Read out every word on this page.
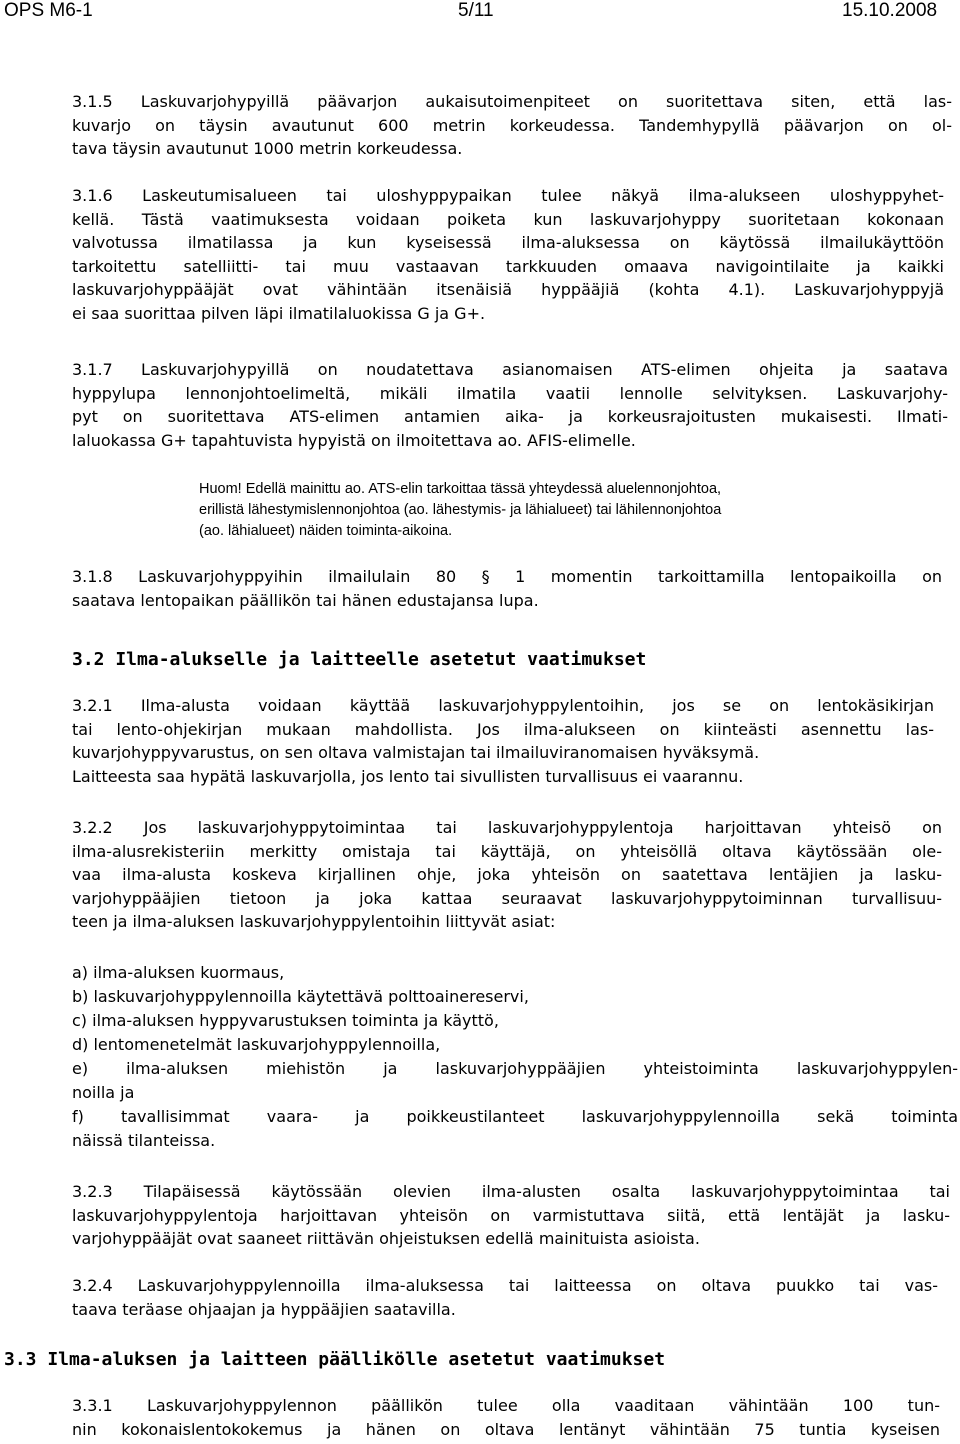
OPS M6-1	5/11	15.10.2008
3.1.5 Laskuvarjohypyillä päävarjon aukaisutoimenpiteet on suoritettava siten, että las-
kuvarjo on täysin avautunut 600 metrin korkeudessa. Tandemhypyllä päävarjon on ol-
tava täysin avautunut 1000 metrin korkeudessa.
3.1.6 Laskeutumisalueen tai uloshyppypaikan tulee näkyä ilma-alukseen uloshyppyhet-
kellä. Tästä vaatimuksesta voidaan poiketa kun laskuvarjohyppy suoritetaan kokonaan
valvotussa ilmatilassa ja kun kyseisessä ilma-aluksessa on käytössä ilmailukäyttöön
tarkoitettu satelliitti- tai muu vastaavan tarkkuuden omaava navigointilaite ja kaikki
laskuvarjohyppääjät ovat vähintään itsenäisiä hyppääjiä (kohta 4.1). Laskuvarjohyppyjä
ei saa suorittaa pilven läpi ilmatilaluokissa G ja G+.
3.1.7 Laskuvarjohypyillä on noudatettava asianomaisen ATS-elimen ohjeita ja saatava
hyppylupa lennonjohtoelimeltä, mikäli ilmatila vaatii lennolle selvityksen. Laskuvarjohy-
pyt on suoritettava ATS-elimen antamien aika- ja korkeusrajoitusten mukaisesti. Ilmati-
laluokassa G+ tapahtuvista hypyistä on ilmoitettava ao. AFIS-elimelle.
Huom! Edellä mainittu ao. ATS-elin tarkoittaa tässä yhteydessä aluelennonjohtoa,
erillistä lähestymislennonjohtoa (ao. lähestymis- ja lähialueet) tai lähilennonjohtoa
(ao. lähialueet) näiden toiminta-aikoina.
3.1.8 Laskuvarjohyppyihin ilmailulain 80 § 1 momentin tarkoittamilla lentopaikoilla on
saatava lentopaikan päällikön tai hänen edustajansa lupa.
3.2 Ilma-alukselle ja laitteelle asetetut vaatimukset
3.2.1 Ilma-alusta voidaan käyttää laskuvarjohyppylentoihin, jos se on lentokäsikirjan
tai lento-ohjekirjan mukaan mahdollista. Jos ilma-alukseen on kiinteästi asennettu las-
kuvarjohyppyvarustus, on sen oltava valmistajan tai ilmailuviranomaisen hyväksymä.
Laitteesta saa hypätä laskuvarjolla, jos lento tai sivullisten turvallisuus ei vaarannu.
3.2.2 Jos laskuvarjohyppytoimintaa tai laskuvarjohyppylentoja harjoittavan yhteisö on
ilma-alusrekisteriin merkitty omistaja tai käyttäjä, on yhteisöllä oltava käytössään ole-
vaa ilma-alusta koskeva kirjallinen ohje, joka yhteisön on saatettava lentäjien ja lasku-
varjohyppääjien tietoon ja joka kattaa seuraavat laskuvarjohyppytoiminnan turvallisuu-
teen ja ilma-aluksen laskuvarjohyppylentoihin liittyvät asiat:
a) ilma-aluksen kuormaus,
b) laskuvarjohyppylennoilla käytettävä polttoainereservi,
c) ilma-aluksen hyppyvarustuksen toiminta ja käyttö,
d) lentomenetelmät laskuvarjohyppylennoilla,
e) ilma-aluksen miehistön ja laskuvarjohyppääjien yhteistoiminta laskuvarjohyppylen-
noilla ja
f) tavallisimmat vaara- ja poikkeustilanteet laskuvarjohyppylennoilla sekä toiminta
näissä tilanteissa.
3.2.3 Tilapäisessä käytössään olevien ilma-alusten osalta laskuvarjohyppytoimintaa tai
laskuvarjohyppylentoja harjoittavan yhteisön on varmistuttava siitä, että lentäjät ja lasku-
varjohyppääjät ovat saaneet riittävän ohjeistuksen edellä mainituista asioista.
3.2.4 Laskuvarjohyppylennoilla ilma-aluksessa tai laitteessa on oltava puukko tai vas-
taava teräase ohjaajan ja hyppääjien saatavilla.
3.3 Ilma-aluksen ja laitteen päällikölle asetetut vaatimukset
3.3.1 Laskuvarjohyppylennon päällikön tulee olla vaaditaan vähintään 100 tun-
nin kokonaislentokokemus ja hänen on oltava lentänyt vähintään 75 tuntia kyseisen
